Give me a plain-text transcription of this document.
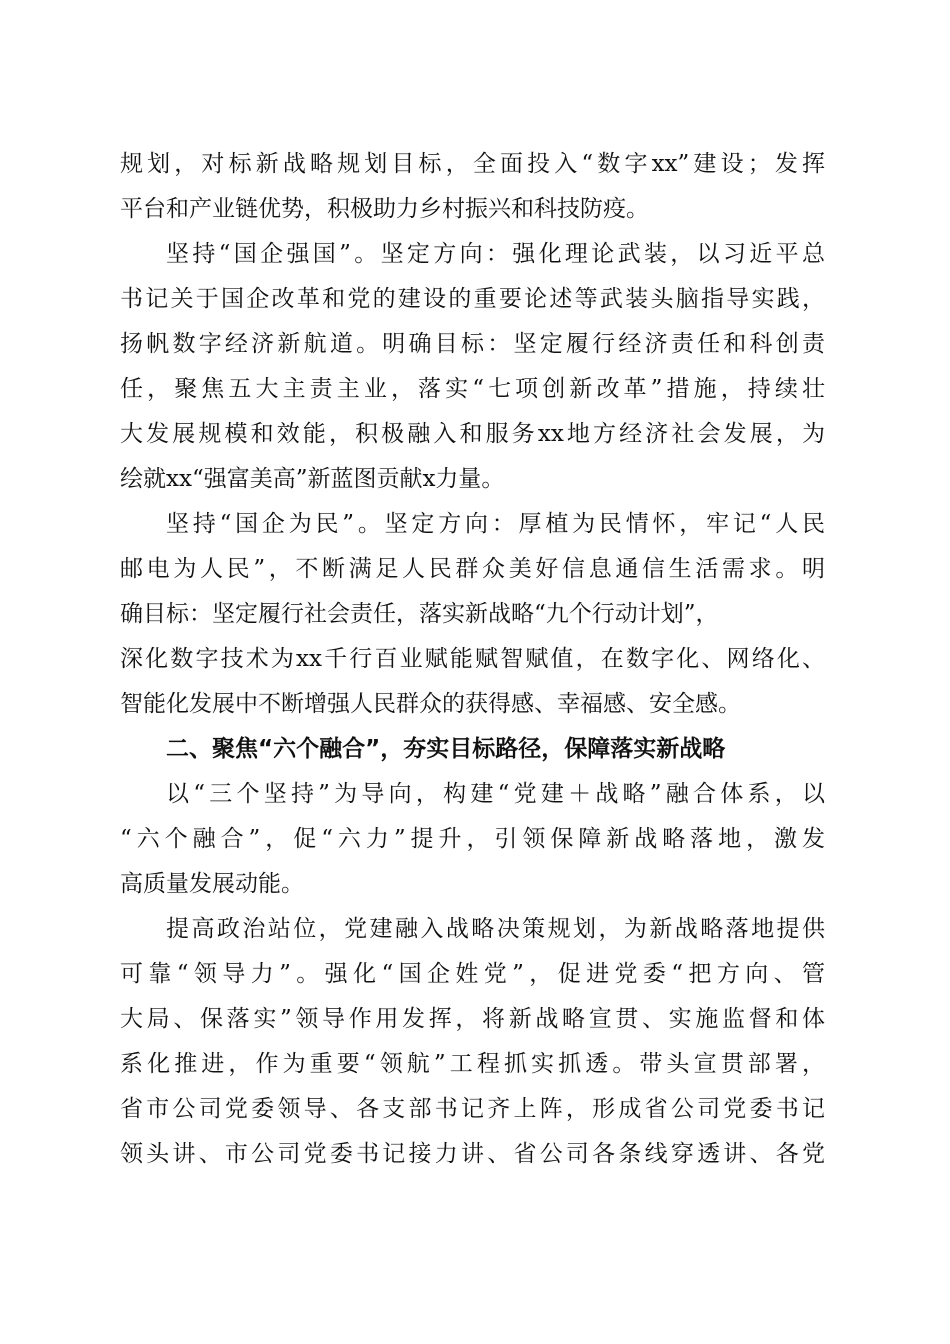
规划，对标新战略规划目标，全面投入“数字xx”建设；发挥
平台和产业链优势，积极助力乡村振兴和科技防疫。
坚持“国企强国”。坚定方向：强化理论武装，以习近平总
书记关于国企改革和党的建设的重要论述等武装头脑指导实践，
扬帆数字经济新航道。明确目标：坚定履行经济责任和科创责
任，聚焦五大主责主业，落实“七项创新改革”措施，持续壮
大发展规模和效能，积极融入和服务xx地方经济社会发展，为
绘就xx“强富美高”新蓝图贡献x力量。
坚持“国企为民”。坚定方向：厚植为民情怀，牢记“人民
邮电为人民”，不断满足人民群众美好信息通信生活需求。明
确目标：坚定履行社会责任，落实新战略“九个行动计划”，
深化数字技术为xx千行百业赋能赋智赋值，在数字化、网络化、
智能化发展中不断增强人民群众的获得感、幸福感、安全感。
二、聚焦“六个融合”，夯实目标路径，保障落实新战略
以“三个坚持”为导向，构建“党建＋战略”融合体系，以
“六个融合”，促“六力”提升，引领保障新战略落地，激发
高质量发展动能。
提高政治站位，党建融入战略决策规划，为新战略落地提供
可靠“领导力”。强化“国企姓党”，促进党委“把方向、管
大局、保落实”领导作用发挥，将新战略宣贯、实施监督和体
系化推进，作为重要“领航”工程抓实抓透。带头宣贯部署，
省市公司党委领导、各支部书记齐上阵，形成省公司党委书记
领头讲、市公司党委书记接力讲、省公司各条线穿透讲、各党
